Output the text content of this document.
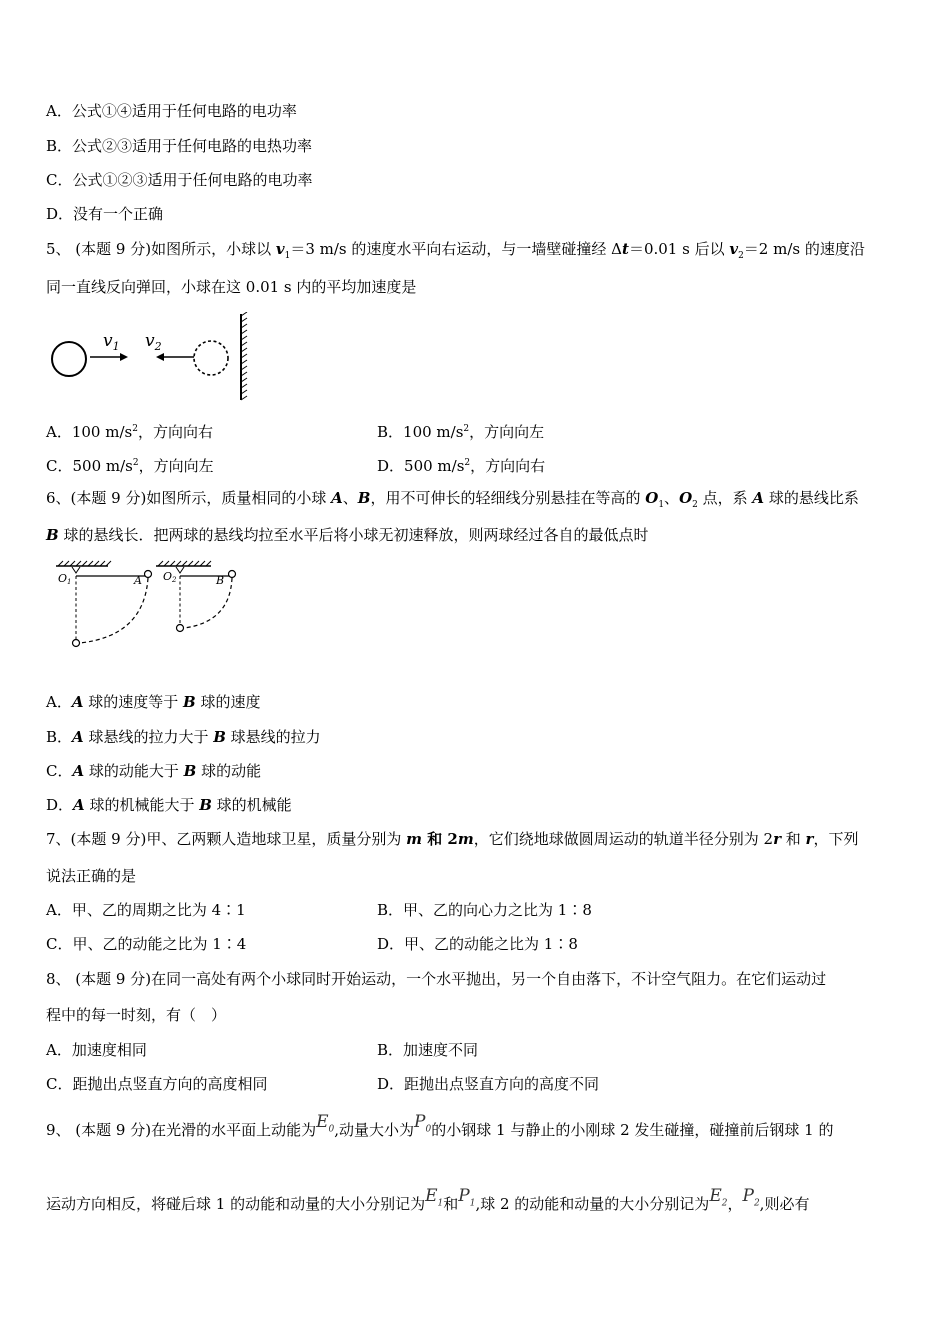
A．公式①④适用于任何电路的电功率
B．公式②③适用于任何电路的电热功率
C．公式①②③适用于任何电路的电功率
D．没有一个正确
5、 (本题 9 分)如图所示，小球以 $v_1=3$ m/s 的速度水平向右运动，与一墙壁碰撞经 Δt＝0.01 s 后以 $v_2=2$ m/s 的速度沿
同一直线反向弹回，小球在这 0.01 s 内的平均加速度是
$v_1$ $v_2$
A．100 $m/s^2$，方向向右	B．100 $m/s^2$，方向向左
C．500 $m/s^2$，方向向左	D．500 $m/s^2$，方向向右
6、(本题 9 分)如图所示，质量相同的小球 A、B，用不可伸长的轻细线分别悬挂在等高的 $O_1$、$O_2$ 点，系 A 球的悬线比系
B 球的悬线长．把两球的悬线均拉至水平后将小球无初速释放，则两球经过各自的最低点时
O1	A O2	B
A．A 球的速度等于 B 球的速度
B．A 球悬线的拉力大于 B 球悬线的拉力
C．A 球的动能大于 B 球的动能
D．A 球的机械能大于 B 球的机械能
7、(本题 9 分)甲、乙两颗人造地球卫星，质量分别为 m 和 2m，它们绕地球做圆周运动的轨道半径分别为 2r 和 r，下列
说法正确的是
A．甲、乙的周期之比为 4∶1	B．甲、乙的向心力之比为 1∶8
C．甲、乙的动能之比为 1∶4	D．甲、乙的动能之比为 1∶8
8、 (本题 9 分)在同一高处有两个小球同时开始运动，一个水平抛出，另一个自由落下，不计空气阻力。在它们运动过
程中的每一时刻，有（　）
A．加速度相同	B．加速度不同
C．距抛出点竖直方向的高度相同	D．距抛出点竖直方向的高度不同
9、 (本题 9 分)在光滑的水平面上动能为$E_0$,动量大小为$P_0$的小钢球 1 与静止的小刚球 2 发生碰撞，碰撞前后钢球 1 的
运动方向相反，将碰后球 1 的动能和动量的大小分别记为$E_1$和$P_1$,球 2 的动能和动量的大小分别记为$E_2$，$P_2$,则必有
